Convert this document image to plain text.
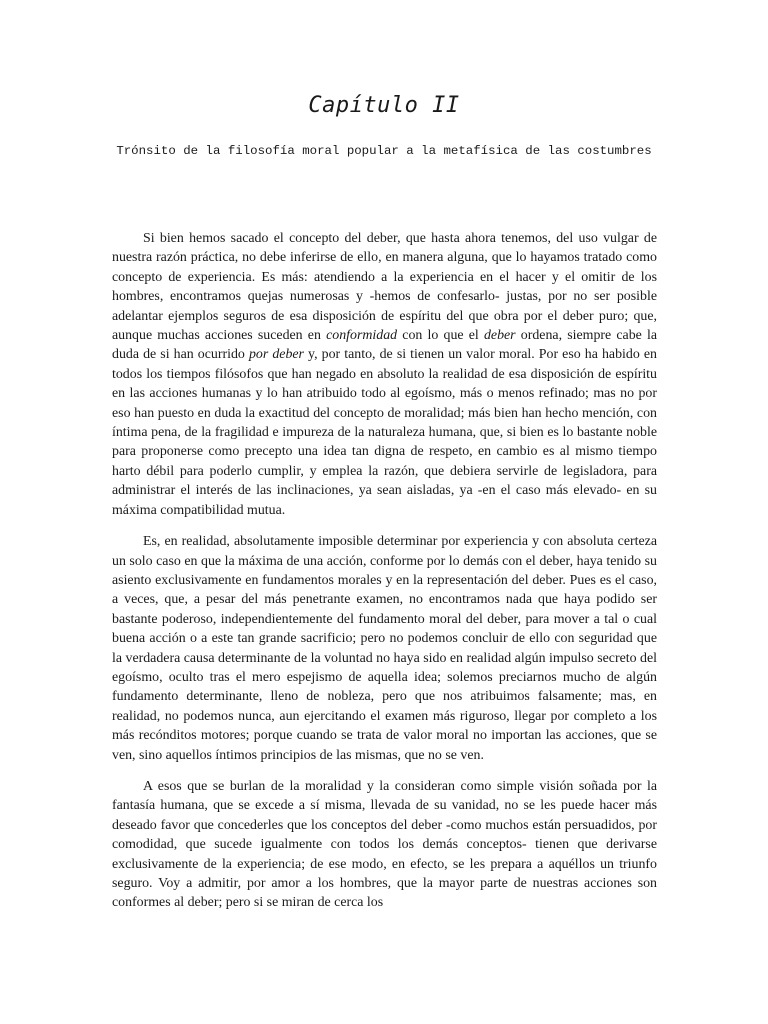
Capítulo II
Trónsito de la filosofía moral popular a la metafísica de las costumbres

Si bien hemos sacado el concepto del deber, que hasta ahora tenemos, del uso vulgar de nuestra razón práctica, no debe inferirse de ello, en manera alguna, que lo hayamos tratado como concepto de experiencia. Es más: atendiendo a la experiencia en el hacer y el omitir de los hombres, encontramos quejas numerosas y -hemos de confesarlo- justas, por no ser posible adelantar ejemplos seguros de esa disposición de espíritu del que obra por el deber puro; que, aunque muchas acciones suceden en conformidad con lo que el deber ordena, siempre cabe la duda de si han ocurrido por deber y, por tanto, de si tienen un valor moral. Por eso ha habido en todos los tiempos filósofos que han negado en absoluto la realidad de esa disposición de espíritu en las acciones humanas y lo han atribuido todo al egoísmo, más o menos refinado; mas no por eso han puesto en duda la exactitud del concepto de moralidad; más bien han hecho mención, con íntima pena, de la fragilidad e impureza de la naturaleza humana, que, si bien es lo bastante noble para proponerse como precepto una idea tan digna de respeto, en cambio es al mismo tiempo harto débil para poderlo cumplir, y emplea la razón, que debiera servirle de legisladora, para administrar el interés de las inclinaciones, ya sean aisladas, ya -en el caso más elevado- en su máxima compatibilidad mutua.

Es, en realidad, absolutamente imposible determinar por experiencia y con absoluta certeza un solo caso en que la máxima de una acción, conforme por lo demás con el deber, haya tenido su asiento exclusivamente en fundamentos morales y en la representación del deber. Pues es el caso, a veces, que, a pesar del más penetrante examen, no encontramos nada que haya podido ser bastante poderoso, independientemente del fundamento moral del deber, para mover a tal o cual buena acción o a este tan grande sacrificio; pero no podemos concluir de ello con seguridad que la verdadera causa determinante de la voluntad no haya sido en realidad algún impulso secreto del egoísmo, oculto tras el mero espejismo de aquella idea; solemos preciarnos mucho de algún fundamento determinante, lleno de nobleza, pero que nos atribuimos falsamente; mas, en realidad, no podemos nunca, aun ejercitando el examen más riguroso, llegar por completo a los más recónditos motores; porque cuando se trata de valor moral no importan las acciones, que se ven, sino aquellos íntimos principios de las mismas, que no se ven.

A esos que se burlan de la moralidad y la consideran como simple visión soñada por la fantasía humana, que se excede a sí misma, llevada de su vanidad, no se les puede hacer más deseado favor que concederles que los conceptos del deber -como muchos están persuadidos, por comodidad, que sucede igualmente con todos los demás conceptos- tienen que derivarse exclusivamente de la experiencia; de ese modo, en efecto, se les prepara a aquéllos un triunfo seguro. Voy a admitir, por amor a los hombres, que la mayor parte de nuestras acciones son conformes al deber; pero si se miran de cerca los
